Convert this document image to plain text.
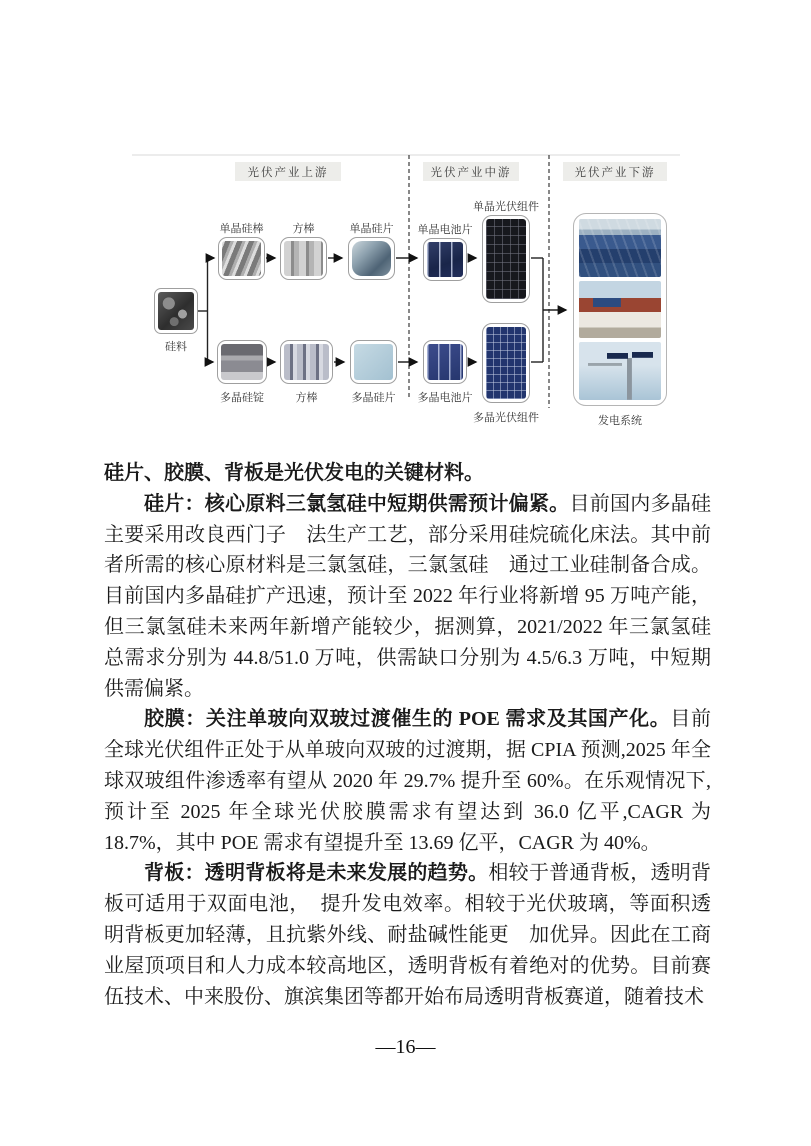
光伏产业上游	光伏产业中游	光伏产业下游
硅料
单晶硅棒	方棒	单晶硅片	单晶电池片
单晶光伏组件
多晶硅锭	方棒	多晶硅片	多晶电池片
多晶光伏组件	发电系统

硅片、胶膜、背板是光伏发电的关键材料。

硅片：核心原料三氯氢硅中短期供需预计偏紧。目前国内多晶硅主要采用改良西门子　法生产工艺，部分采用硅烷硫化床法。其中前者所需的核心原材料是三氯氢硅，三氯氢硅　通过工业硅制备合成。目前国内多晶硅扩产迅速，预计至 2022 年行业将新增 95 万吨产能，但三氯氢硅未来两年新增产能较少，据测算，2021/2022 年三氯氢硅总需求分别为 44.8/51.0 万吨，供需缺口分别为 4.5/6.3 万吨，中短期供需偏紧。

胶膜：关注单玻向双玻过渡催生的 POE 需求及其国产化。目前全球光伏组件正处于从单玻向双玻的过渡期，据 CPIA 预测,2025 年全球双玻组件渗透率有望从 2020 年 29.7% 提升至 60%。在乐观情况下,预计至 2025 年全球光伏胶膜需求有望达到 36.0 亿平,CAGR 为 18.7%，其中 POE 需求有望提升至 13.69 亿平，CAGR 为 40%。

背板：透明背板将是未来发展的趋势。相较于普通背板，透明背板可适用于双面电池，　提升发电效率。相较于光伏玻璃，等面积透明背板更加轻薄，且抗紫外线、耐盐碱性能更　加优异。因此在工商业屋顶项目和人力成本较高地区，透明背板有着绝对的优势。目前赛伍技术、中来股份、旗滨集团等都开始布局透明背板赛道，随着技术

—16—
